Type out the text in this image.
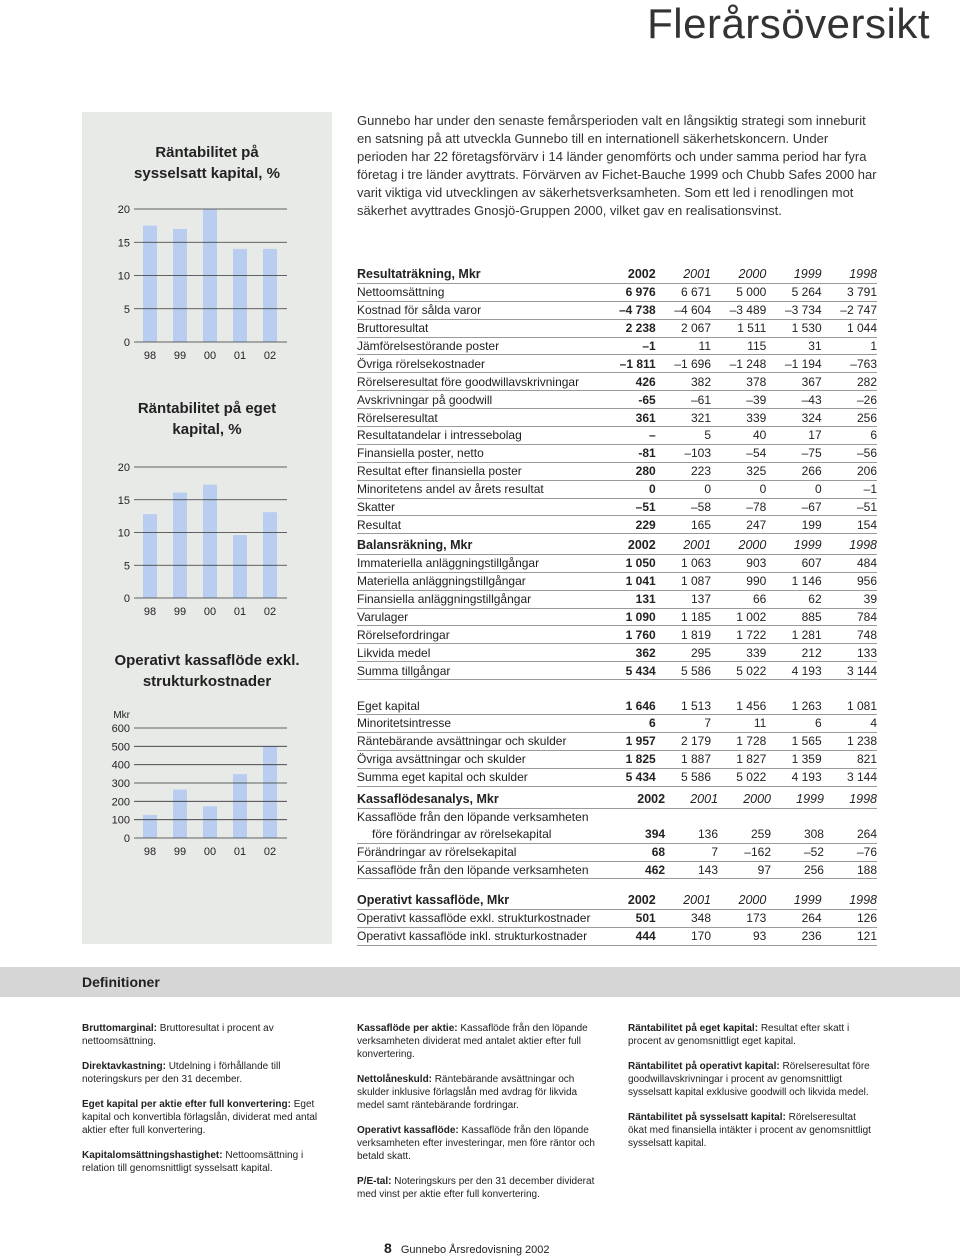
Flerårsöversikt
Räntabilitet på sysselsatt kapital, %
0
5
10
15
20
98 99 00 01 02
Räntabilitet på eget kapital, %
0
5
10
15
20
98 99 00 01 02
Operativt kassaflöde exkl. strukturkostnader
0
100
200
300
400
500
600
98 99 00 01 02
Mkr
Gunnebo har under den senaste femårsperioden valt en långsiktig strategi som inneburit en satsning på att utveckla Gunnebo till en internationell säkerhetskoncern. Under perioden har 22 företagsförvärv i 14 länder genomförts och under samma period har fyra företag i tre länder avyttrats. Förvärven av Fichet-Bauche 1999 och Chubb Safes 2000 har varit viktiga vid utvecklingen av säkerhetsverksamheten. Som ett led i renodlingen mot säkerhet avyttrades Gnosjö-Gruppen 2000, vilket gav en realisationsvinst.
Resultaträkning, Mkr	2002	2001	2000	1999	1998
Nettoomsättning	6 976	6 671	5 000	5 264	3 791
Kostnad för sålda varor	–4 738	–4 604	–3 489	–3 734	–2 747
Bruttoresultat	2 238	2 067	1 511	1 530	1 044
Jämförelsestörande poster	–1	11	115	31	1
Övriga rörelsekostnader	–1 811	–1 696	–1 248	–1 194	–763
Rörelseresultat före goodwillavskrivningar	426	382	378	367	282
Avskrivningar på goodwill	-65	–61	–39	–43	–26
Rörelseresultat	361	321	339	324	256
Resultatandelar i intressebolag	–	5	40	17	6
Finansiella poster, netto	-81	–103	–54	–75	–56
Resultat efter finansiella poster	280	223	325	266	206
Minoritetens andel av årets resultat	0	0	0	0	–1
Skatter	–51	–58	–78	–67	–51
Resultat	229	165	247	199	154
Balansräkning, Mkr	2002	2001	2000	1999	1998
Immateriella anläggningstillgångar	1 050	1 063	903	607	484
Materiella anläggningstillgångar	1 041	1 087	990	1 146	956
Finansiella anläggningstillgångar	131	137	66	62	39
Varulager	1 090	1 185	1 002	885	784
Rörelsefordringar	1 760	1 819	1 722	1 281	748
Likvida medel	362	295	339	212	133
Summa tillgångar	5 434	5 586	5 022	4 193	3 144

Eget kapital	1 646	1 513	1 456	1 263	1 081
Minoritetsintresse	6	7	11	6	4
Räntebärande avsättningar och skulder	1 957	2 179	1 728	1 565	1 238
Övriga avsättningar och skulder	1 825	1 887	1 827	1 359	821
Summa eget kapital och skulder	5 434	5 586	5 022	4 193	3 144
Kassaflödesanalys, Mkr	2002	2001	2000	1999	1998
Kassaflöde från den löpande verksamheten					
före förändringar av rörelsekapital	394	136	259	308	264
Förändringar av rörelsekapital	68	7	–162	–52	–76
Kassaflöde från den löpande verksamheten	462	143	97	256	188
Operativt kassaflöde, Mkr	2002	2001	2000	1999	1998
Operativt kassaflöde exkl. strukturkostnader	501	348	173	264	126
Operativt kassaflöde inkl. strukturkostnader	444	170	93	236	121
Definitioner

Bruttomarginal: Bruttoresultat i procent av nettoomsättning.

Direktavkastning: Utdelning i förhållande till noteringskurs per den 31 december.

Eget kapital per aktie efter full konvertering: Eget kapital och konvertibla förlagslån, dividerat med antal aktier efter full konvertering.

Kapitalomsättningshastighet: Nettoomsättning i relation till genomsnittligt sysselsatt kapital.

Kassaflöde per aktie: Kassaflöde från den löpande verksamheten dividerat med antalet aktier efter full konvertering.

Nettolåneskuld: Räntebärande avsättningar och skulder inklusive förlagslån med avdrag för likvida medel samt räntebärande fordringar.

Operativt kassaflöde: Kassaflöde från den löpande verksamheten efter investeringar, men före räntor och betald skatt.

P/E-tal: Noteringskurs per den 31 december dividerat med vinst per aktie efter full konvertering.

Räntabilitet på eget kapital: Resultat efter skatt i procent av genomsnittligt eget kapital.

Räntabilitet på operativt kapital: Rörelseresultat före goodwillavskrivningar i procent av genomsnittligt sysselsatt kapital exklusive goodwill och likvida medel.

Räntabilitet på sysselsatt kapital: Rörelseresultat ökat med finansiella intäkter i procent av genomsnittligt sysselsatt kapital.

8 Gunnebo Årsredovisning 2002
